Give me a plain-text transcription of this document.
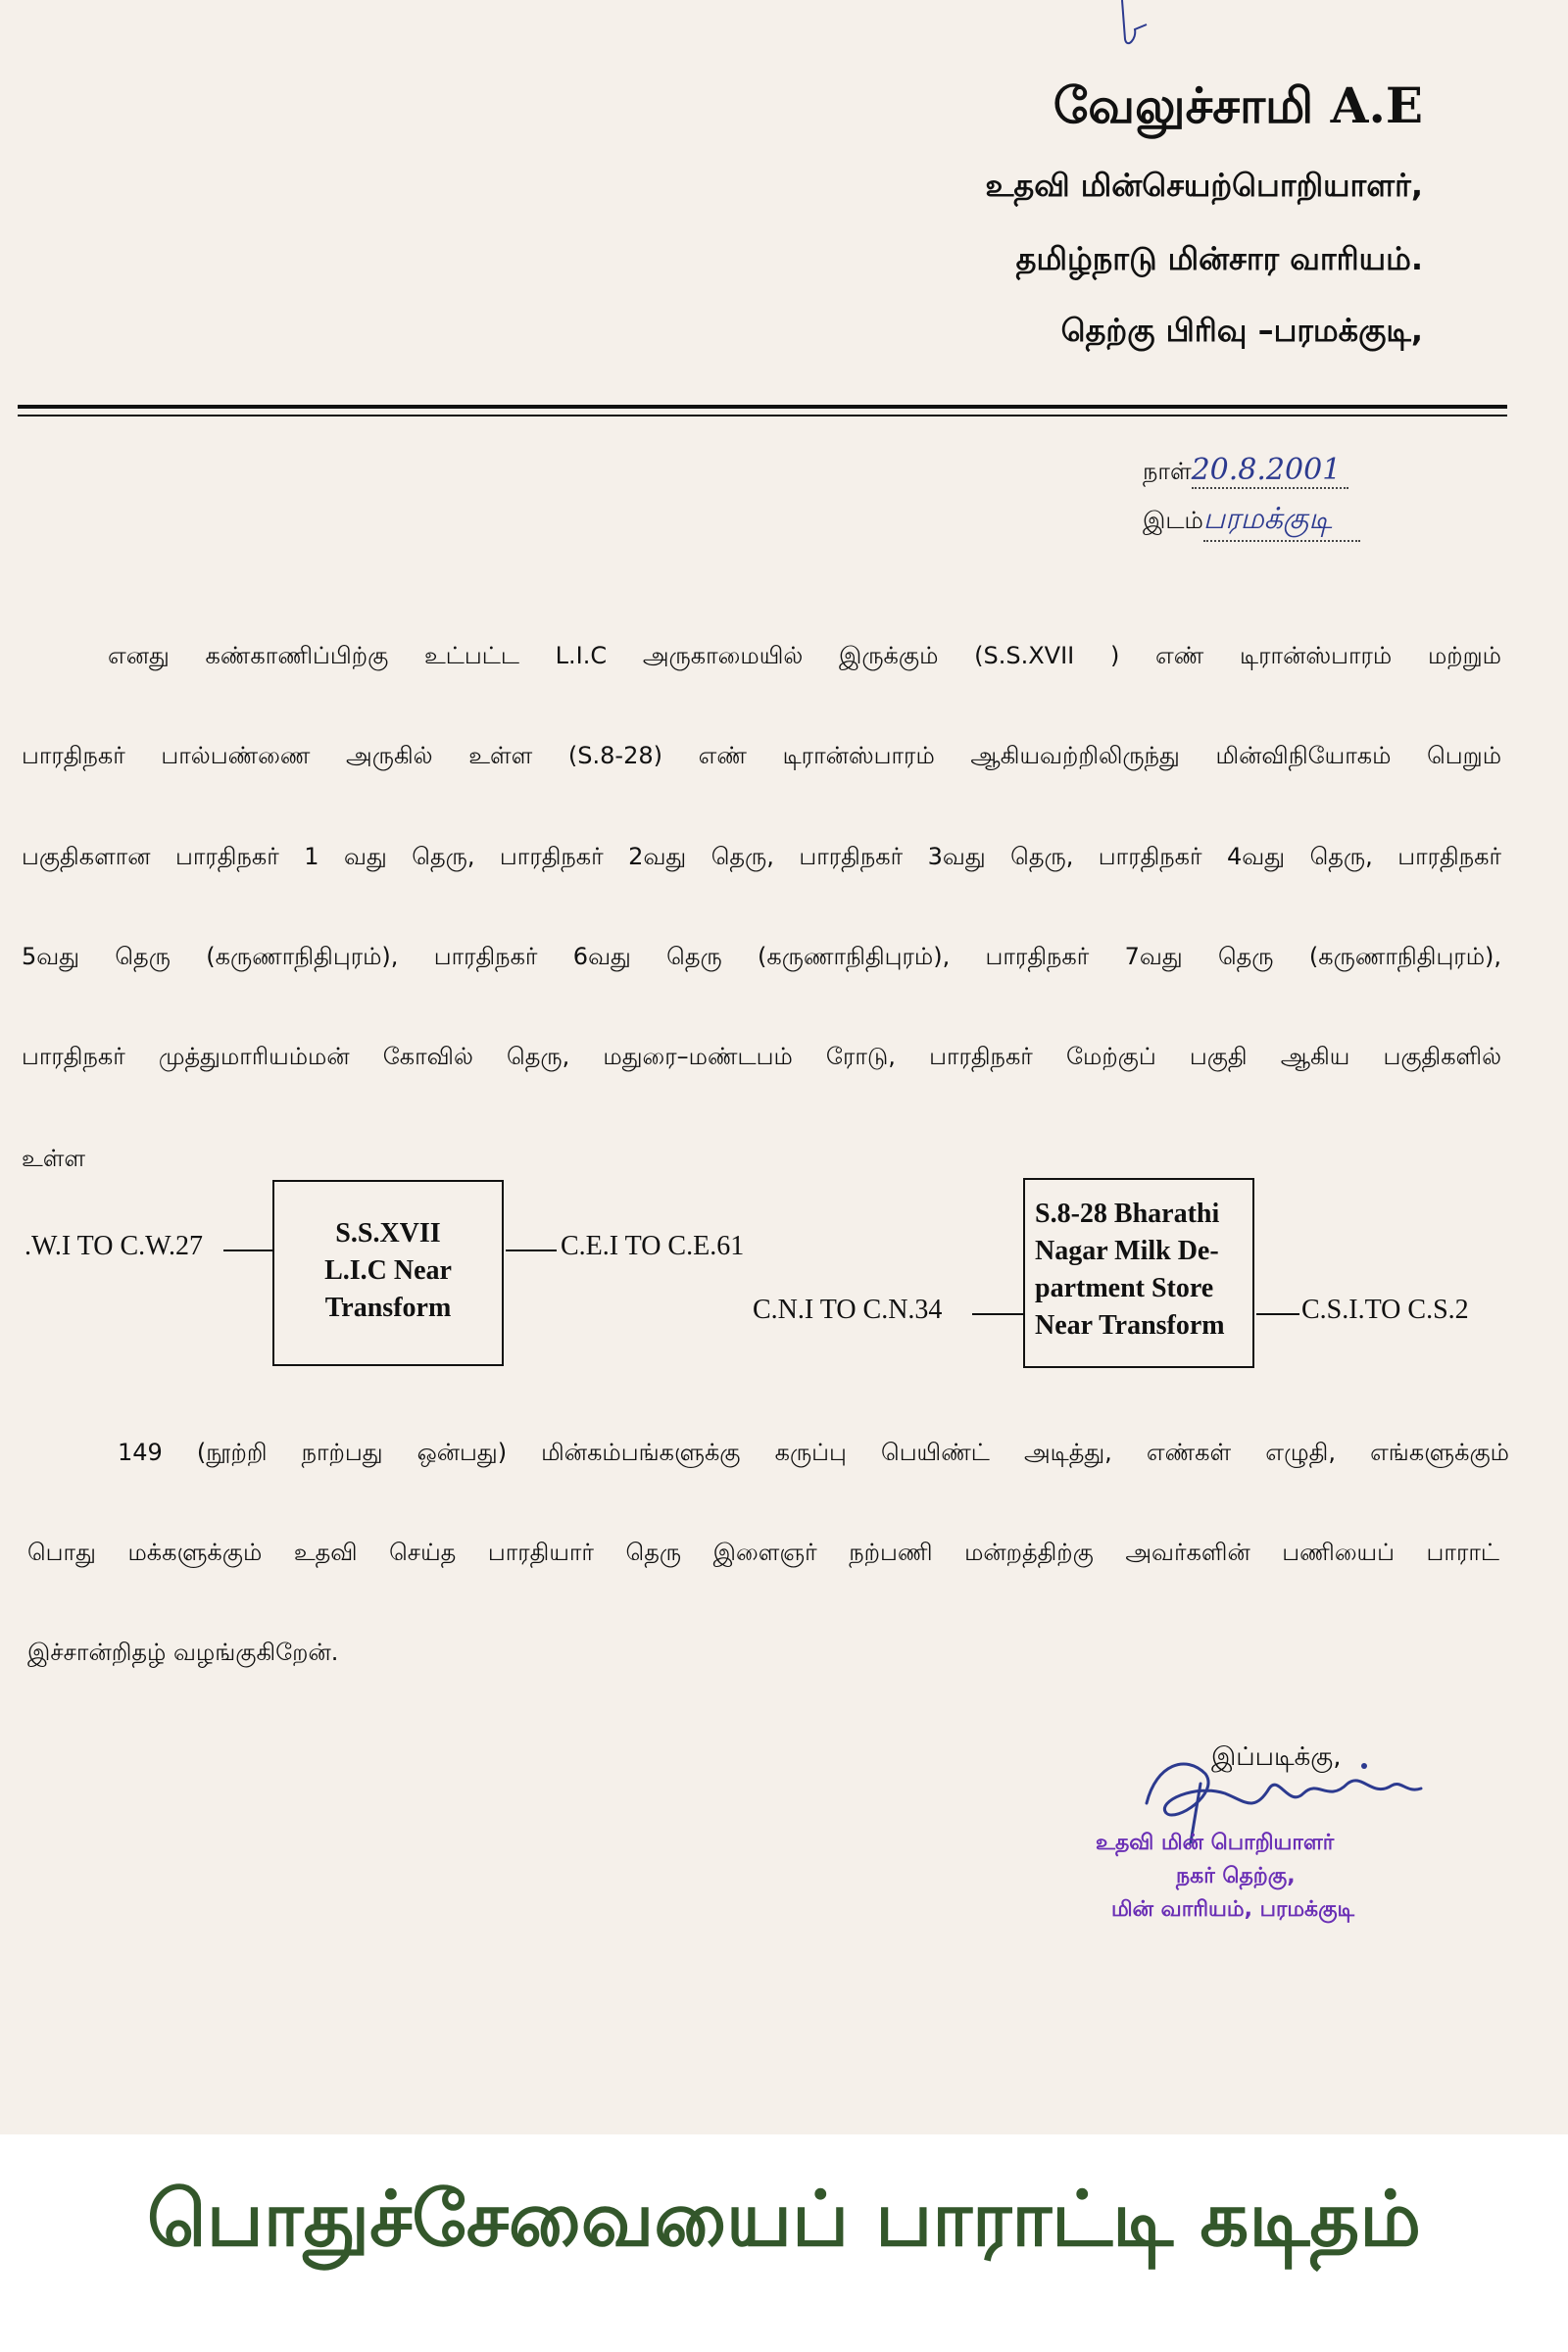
வேலுச்சாமி A.E
உதவி மின்செயற்பொறியாளர்,
தமிழ்நாடு மின்சார வாரியம்.
தெற்கு பிரிவு –பரமக்குடி,
நாள்20.8.2001
இடம்பரமக்குடி
எனது கண்காணிப்பிற்கு உட்பட்ட L.I.C அருகாமையில் இருக்கும் (S.S.XVII ) எண் டிரான்ஸ்பாரம் மற்றும்
பாரதிநகர் பால்பண்ணை அருகில் உள்ள (S.8-28) எண் டிரான்ஸ்பாரம் ஆகியவற்றிலிருந்து மின்விநியோகம் பெறும்
பகுதிகளான பாரதிநகர் 1 வது தெரு, பாரதிநகர் 2வது தெரு, பாரதிநகர் 3வது தெரு, பாரதிநகர் 4வது தெரு, பாரதிநகர்
5வது தெரு (கருணாநிதிபுரம்), பாரதிநகர் 6வது தெரு (கருணாநிதிபுரம்), பாரதிநகர் 7வது தெரு (கருணாநிதிபுரம்),
பாரதிநகர் முத்துமாரியம்மன் கோவில் தெரு, மதுரை–மண்டபம் ரோடு, பாரதிநகர் மேற்குப் பகுதி ஆகிய பகுதிகளில்
உள்ள
.W.I TO C.W.27	S.S.XVII
L.I.C Near
Transform
C.E.I TO C.E.61
C.N.I TO C.N.34
S.8-28 Bharathi
Nagar Milk De-
partment Store
Near Transform
C.S.I.TO C.S.2
149 (நூற்றி நாற்பது ஒன்பது) மின்கம்பங்களுக்கு கருப்பு பெயிண்ட் அடித்து, எண்கள் எழுதி, எங்களுக்கும்
பொது மக்களுக்கும் உதவி செய்த பாரதியார் தெரு இளைஞர் நற்பணி மன்றத்திற்கு அவர்களின் பணியைப் பாராட்
இச்சான்றிதழ் வழங்குகிறேன்.
இப்படிக்கு,
உதவி மின் பொறியாளர்
நகர் தெற்கு,
மின் வாரியம், பரமக்குடி
பொதுச்சேவையைப் பாராட்டி கடிதம்
